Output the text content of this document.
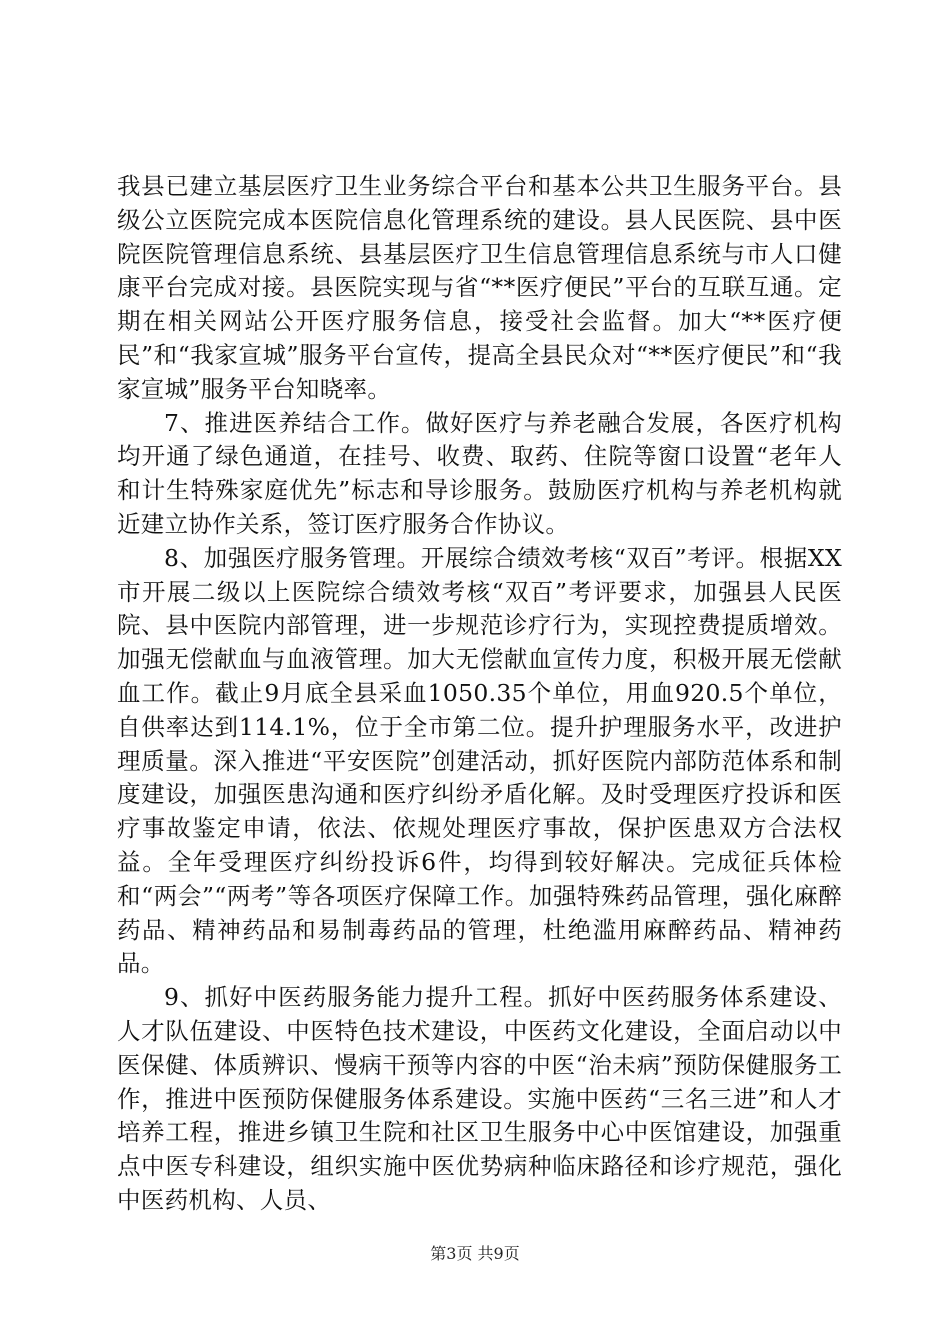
我县已建立基层医疗卫生业务综合平台和基本公共卫生服务平台。县级公立医院完成本医院信息化管理系统的建设。县人民医院、县中医院医院管理信息系统、县基层医疗卫生信息管理信息系统与市人口健康平台完成对接。县医院实现与省“**医疗便民”平台的互联互通。定期在相关网站公开医疗服务信息，接受社会监督。加大“**医疗便民”和“我家宣城”服务平台宣传，提高全县民众对“**医疗便民”和“我家宣城”服务平台知晓率。

7、推进医养结合工作。做好医疗与养老融合发展，各医疗机构均开通了绿色通道，在挂号、收费、取药、住院等窗口设置“老年人和计生特殊家庭优先”标志和导诊服务。鼓励医疗机构与养老机构就近建立协作关系，签订医疗服务合作协议。

8、加强医疗服务管理。开展综合绩效考核“双百”考评。根据XX市开展二级以上医院综合绩效考核“双百”考评要求，加强县人民医院、县中医院内部管理，进一步规范诊疗行为，实现控费提质增效。加强无偿献血与血液管理。加大无偿献血宣传力度，积极开展无偿献血工作。截止9月底全县采血1050.35个单位，用血920.5个单位，自供率达到114.1%，位于全市第二位。提升护理服务水平，改进护理质量。深入推进“平安医院”创建活动，抓好医院内部防范体系和制度建设，加强医患沟通和医疗纠纷矛盾化解。及时受理医疗投诉和医疗事故鉴定申请，依法、依规处理医疗事故，保护医患双方合法权益。全年受理医疗纠纷投诉6件，均得到较好解决。完成征兵体检和“两会”“两考”等各项医疗保障工作。加强特殊药品管理，强化麻醉药品、精神药品和易制毒药品的管理，杜绝滥用麻醉药品、精神药品。

9、抓好中医药服务能力提升工程。抓好中医药服务体系建设、人才队伍建设、中医特色技术建设，中医药文化建设，全面启动以中医保健、体质辨识、慢病干预等内容的中医“治未病”预防保健服务工作，推进中医预防保健服务体系建设。实施中医药“三名三进”和人才培养工程，推进乡镇卫生院和社区卫生服务中心中医馆建设，加强重点中医专科建设，组织实施中医优势病种临床路径和诊疗规范，强化中医药机构、人员、

第3页 共9页
